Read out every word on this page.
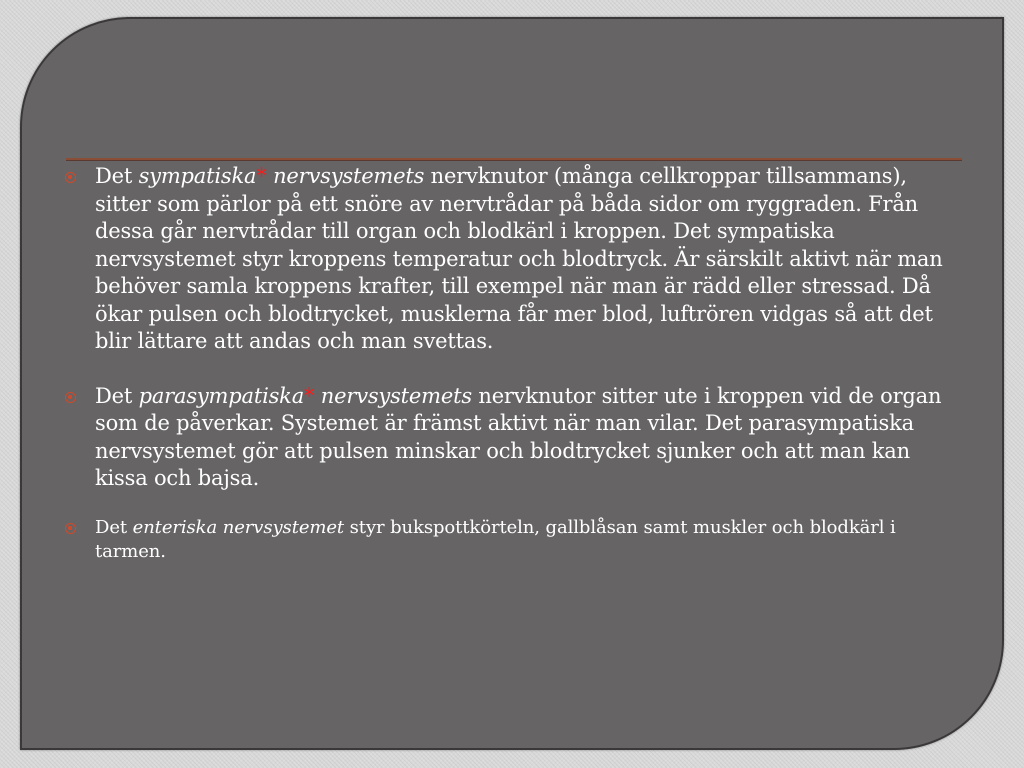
Det sympatiska* nervsystemets nervknutor (många cellkroppar tillsammans), sitter som pärlor på ett snöre av nervtrådar på båda sidor om ryggraden. Från dessa går nervtrådar till organ och blodkärl i kroppen. Det sympatiska nervsystemet styr kroppens temperatur och blodtryck. Är särskilt aktivt när man behöver samla kroppens krafter, till exempel när man är rädd eller stressad. Då ökar pulsen och blodtrycket, musklerna får mer blod, luftrören vidgas så att det blir lättare att andas och man svettas.
Det parasympatiska* nervsystemets nervknutor sitter ute i kroppen vid de organ som de påverkar. Systemet är främst aktivt när man vilar. Det parasympatiska nervsystemet gör att pulsen minskar och blodtrycket sjunker och att man kan kissa och bajsa.
Det enteriska nervsystemet styr bukspottkörteln, gallblåsan samt muskler och blodkärl i tarmen.
